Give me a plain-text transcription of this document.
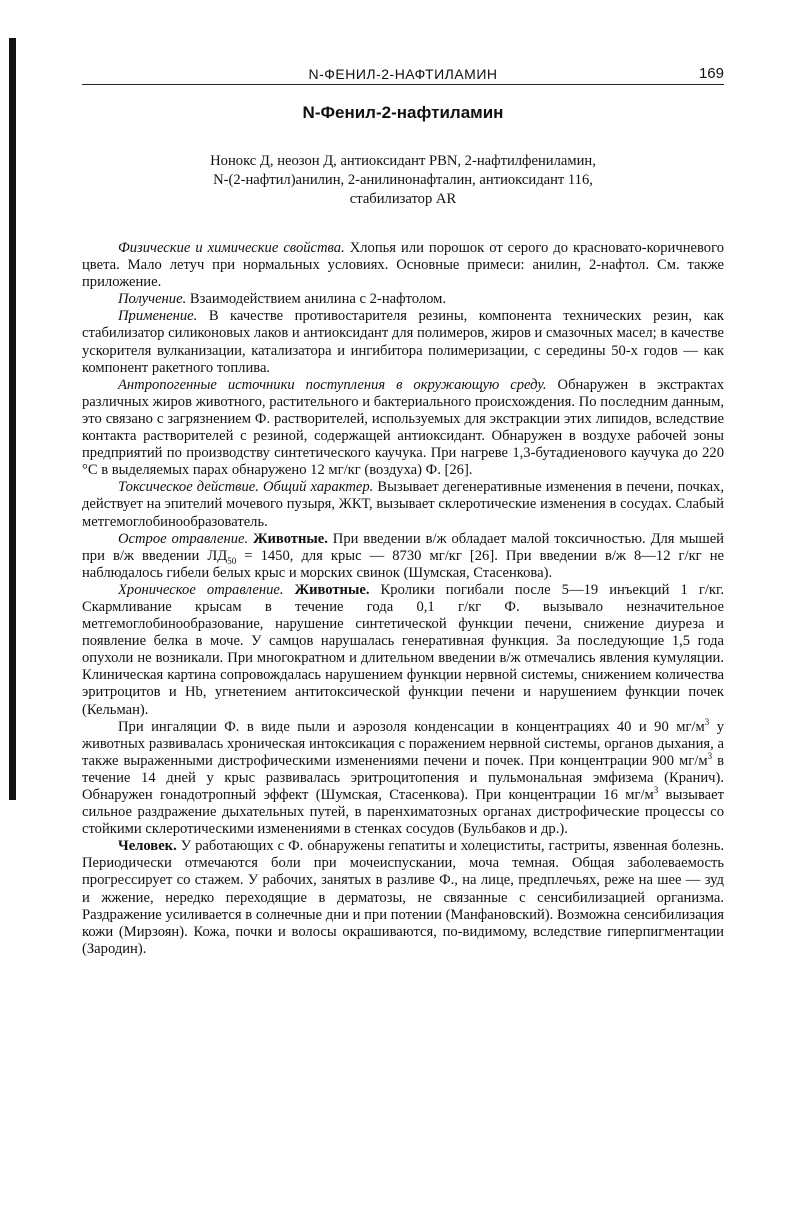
N-ФЕНИЛ-2-НАФТИЛАМИН	169
N-Фенил-2-нафтиламин
Нонокс Д, неозон Д, антиоксидант PBN, 2-нафтилфениламин,
N-(2-нафтил)анилин, 2-анилинонафталин, антиоксидант 116,
стабилизатор AR

Физические и химические свойства. Хлопья или порошок от серого до красновато-коричневого цвета. Мало летуч при нормальных условиях. Основные примеси: анилин, 2-нафтол. См. также приложение.

Получение. Взаимодействием анилина с 2-нафтолом.

Применение. В качестве противостарителя резины, компонента технических резин, как стабилизатор силиконовых лаков и антиоксидант для полимеров, жиров и смазочных масел; в качестве ускорителя вулканизации, катализатора и ингибитора полимеризации, с середины 50-х годов — как компонент ракетного топлива.

Антропогенные источники поступления в окружающую среду. Обнаружен в экстрактах различных жиров животного, растительного и бактериального происхождения. По последним данным, это связано с загрязнением Ф. растворителей, используемых для экстракции этих липидов, вследствие контакта растворителей с резиной, содержащей антиоксидант. Обнаружен в воздухе рабочей зоны предприятий по производству синтетического каучука. При нагреве 1,3-бутадиенового каучука до 220 °С в выделяемых парах обнаружено 12 мг/кг (воздуха) Ф. [26].

Токсическое действие. Общий характер. Вызывает дегенеративные изменения в печени, почках, действует на эпителий мочевого пузыря, ЖКТ, вызывает склеротические изменения в сосудах. Слабый метгемоглобинообразователь.

Острое отравление. Животные. При введении в/ж обладает малой токсичностью. Для мышей при в/ж введении $ЛД_{50} = 1450$, для крыс — 8730 мг/кг [26]. При введении в/ж 8—12 г/кг не наблюдалось гибели белых крыс и морских свинок (Шумская, Стасенкова).

Хроническое отравление. Животные. Кролики погибали после 5—19 инъекций 1 г/кг. Скармливание крысам в течение года 0,1 г/кг Ф. вызывало незначительное метгемоглобинообразование, нарушение синтетической функции печени, снижение диуреза и появление белка в моче. У самцов нарушалась генеративная функция. За последующие 1,5 года опухоли не возникали. При многократном и длительном введении в/ж отмечались явления кумуляции. Клиническая картина сопровождалась нарушением функции нервной системы, снижением количества эритроцитов и Hb, угнетением антитоксической функции печени и нарушением функции почек (Кельман).

При ингаляции Ф. в виде пыли и аэрозоля конденсации в концентрациях 40 и 90 $мг/м^3$ у животных развивалась хроническая интоксикация с поражением нервной системы, органов дыхания, а также выраженными дистрофическими изменениями печени и почек. При концентрации 900 $мг/м^3$ в течение 14 дней у крыс развивалась эритроцитопения и пульмональная эмфизема (Кранич). Обнаружен гонадотропный эффект (Шумская, Стасенкова). При концентрации 16 $мг/м^3$ вызывает сильное раздражение дыхательных путей, в паренхиматозных органах дистрофические процессы со стойкими склеротическими изменениями в стенках сосудов (Бульбаков и др.).

Человек. У работающих с Ф. обнаружены гепатиты и холециститы, гастриты, язвенная болезнь. Периодически отмечаются боли при мочеиспускании, моча темная. Общая заболеваемость прогрессирует со стажем. У рабочих, занятых в разливе Ф., на лице, предплечьях, реже на шее — зуд и жжение, нередко переходящие в дерматозы, не связанные с сенсибилизацией организма. Раздражение усиливается в солнечные дни и при потении (Манфановский). Возможна сенсибилизация кожи (Мирзоян). Кожа, почки и волосы окрашиваются, по-видимому, вследствие гиперпигментации (Зародин).
